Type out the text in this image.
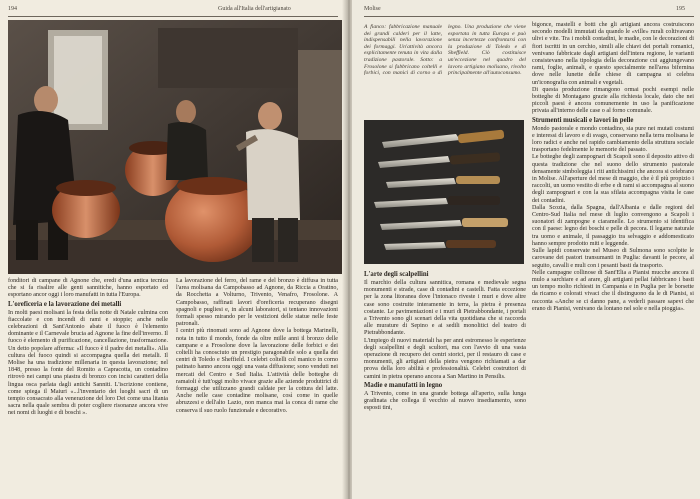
194	Guida all'Italia dell'artigianato

fonditori di campane di Agnone che, eredi d'una antica tecnica che si fa risalire alle genti sannitiche, hanno esportato ed esportano ancor oggi i loro manufatti in tutta l'Europa.

L'oreficeria e la lavorazione dei metalli

In molti paesi molisani la festa della notte di Natale culmina con fiaccolate e con incendi di rami e stoppie; anche nelle celebrazioni di Sant'Antonio abate il fuoco è l'elemento dominante e il Carnevale brucia ad Agnone la fine dell'inverno. Il fuoco è elemento di purificazione, cancellazione, trasformazione. Un detto popolare afferma: «Il fuoco è il padre dei metalli». Alla cultura del fuoco quindi si accompagna quella dei metalli. Il Molise ha una tradizione millenaria in questa lavorazione; nel 1848, presso la fonte del Romito a Capracotta, un contadino ritrovò nei campi una piastra di bronzo con incisi caratteri della lingua osca parlata dagli antichi Sanniti. L'iscrizione contiene, come spiega il Maiuri «...l'inventario dei luoghi sacri di un tempio consacrato alla venerazione del loro Dei come una litania sacra nella quale sembra di poter cogliere risonanze ancora vive nei nomi di luoghi e di boschi ».

La lavorazione del ferro, del rame e del bronzo è diffusa in tutta l'area molisana da Campobasso ad Agnone, da Riccia a Oratino, da Rocchetta a Volturno, Trivento, Venafro, Frosolone. A Campobasso, raffinati lavori d'oreficeria recuperano disegni spagnoli e pugliesi e, in alcuni laboratori, si tentano innovazioni formali spesso mirando per le vestizioni delle statue nelle feste patronali.

I centri più rinomati sono ad Agnone dove la bottega Marinelli, nota in tutto il mondo, fonde da oltre mille anni il bronzo delle campane e a Frosolone dove la lavorazione delle forbici e dei coltelli ha conosciuto un prestigio paragonabile solo a quella dei centri di Toledo e Sheffield. I celebri coltelli col manico in corno patinato hanno ancora oggi una vasta diffusione; sono venduti nei mercati del Centro e Sud Italia. L'attività delle botteghe di ramaioli è tutt'oggi molto vivace grazie alle aziende produttrici di formaggi che utilizzano grandi caldaie per la cottura del latte. Anche nelle case contadine molisane, così come in quelle abruzzesi e dell'alto Lazio, non manca mai la conca di rame che conserva il suo ruolo funzionale e decorativo.

Molise	195

A fianco: fabbricazione manuale dei grandi calderi per il latte, indispensabili nella lavorazione dei formaggi. Un'attività ancora esplicitamente tenuta in vita dalla tradizione pastorale. Sotto: a Frosolone si fabbricano coltelli e forbici, con manici di corno o di legno. Una produzione che viene esportata in tutta Europa e può senza incertezze confrontarsi con la produzione di Toledo e di Sheffield. Ciò costituisce un'eccezione nel quadro del lavoro artigiano molisano, rivolto principalmente all'autoconsumo.

L'arte degli scalpellini

Il marchio della cultura sannitica, romana e medievale segna monumenti e strade, case di contadini e castelli. Fatta eccezione per la zona litoranea dove l'intonaco riveste i muri e dove altre case sono costruite interamente in terra, la pietra è presenza costante. Le pavimentazioni e i muri di Pietrabbondante, i portali a Trivento sono gli scenari della vita quotidiana che si raccorda alle murature di Sepino e ai sedili monolitici del teatro di Pietrabbondante.

L'impiego di nuovi materiali ha per anni estromesso le esperienze degli scalpellini e degli scultori, ma con l'avvio di una vasta operazione di recupero dei centri storici, per il restauro di case e monumenti, gli artigiani della pietra vengono richiamati a dar prova della loro abilità e professionalità. Celebri costruttori di camini in pietra operano ancora a San Martino in Pensilis.

Madie e manufatti in legno

A Trivento, come in una grande bottega all'aperto, sulla lunga gradinata che collega il vecchio al nuovo insediamento, sono esposti tini,

bigonce, mastelli e botti che gli artigiani ancora costruiscono secondo modelli immutati da quando le «ville» rurali coltivavano ulivi e vite. Tra i mobili contadini, le madie, con le decorazioni di fiori iscritti in un cerchio, simili alle chiavi dei portali romanici, venivano fabbricate dagli artigiani dell'intera regione, le varianti consistevano nella tipologia della decorazione cui aggiungevano rami, foglie, animali, e questo specialmente nell'area bifernina dove nelle lunette delle chiese di campagna si celebra un'iconografia con animali e vegetali.

Di questa produzione rimangono ormai pochi esempi nelle botteghe di Montagano grazie alla richiesta locale, dato che nei piccoli paesi è ancora comunemente in uso la panificazione privata all'interno delle case o al forno comunale.

Strumenti musicali e lavori in pelle

Mondo pastorale e mondo contadino, sia pure nei mutati costumi e interessi di lavoro e di svago, conservano nella terra molisana le loro radici e anche nel rapido cambiamento della struttura sociale trasportano fedelmente le memorie del passato.

Le botteghe degli zampognari di Scapoli sono il deposito attivo di questa tradizione che nel suono dello strumento pastorale densamente simboleggia i riti antichissimi che ancora si celebrano in Molise. All'aperture del mese di maggio, che è il più propizio i raccolti, un uomo vestito di erbe e di rami si accompagna al suono degli zampognari e con la sua sfilata accompagna visita le case dei contadini.

Dalla Scozia, dalla Spagna, dall'Albania e dalle regioni del Centro-Sud Italia nel mese di luglio convengono a Scapoli i suonatori di zampogne e ciaramelle. Lo strumento si identifica con il paese: legno dei boschi e pelle di pecora. Il legame naturale tra uomo e animale, il passaggio tra selvaggio e addomesticato hanno sempre prodotto miti e leggende.

Sulle lapidi conservate nel Museo di Sulmona sono scolpite le carovane dei pastori transumanti in Puglia: davanti le pecore, al seguito, cavalli e muli con i pesanti basti da trasporto.

Nelle campagne collinose di Sant'Elia a Pianisi mucche ancora il mulo a sarchiare e ad arare, gli artigiani pellai fabbricano i basti un tempo molto richiesti in Campania e in Puglia per le borsette da ricamo e colorati vivaci che il distinguono da le di Pianisi, si racconta «Anche se ci danno pane, a vederli passare sapevi che erano di Pianisi, venivano da lontano nel sole e nella pioggia».
